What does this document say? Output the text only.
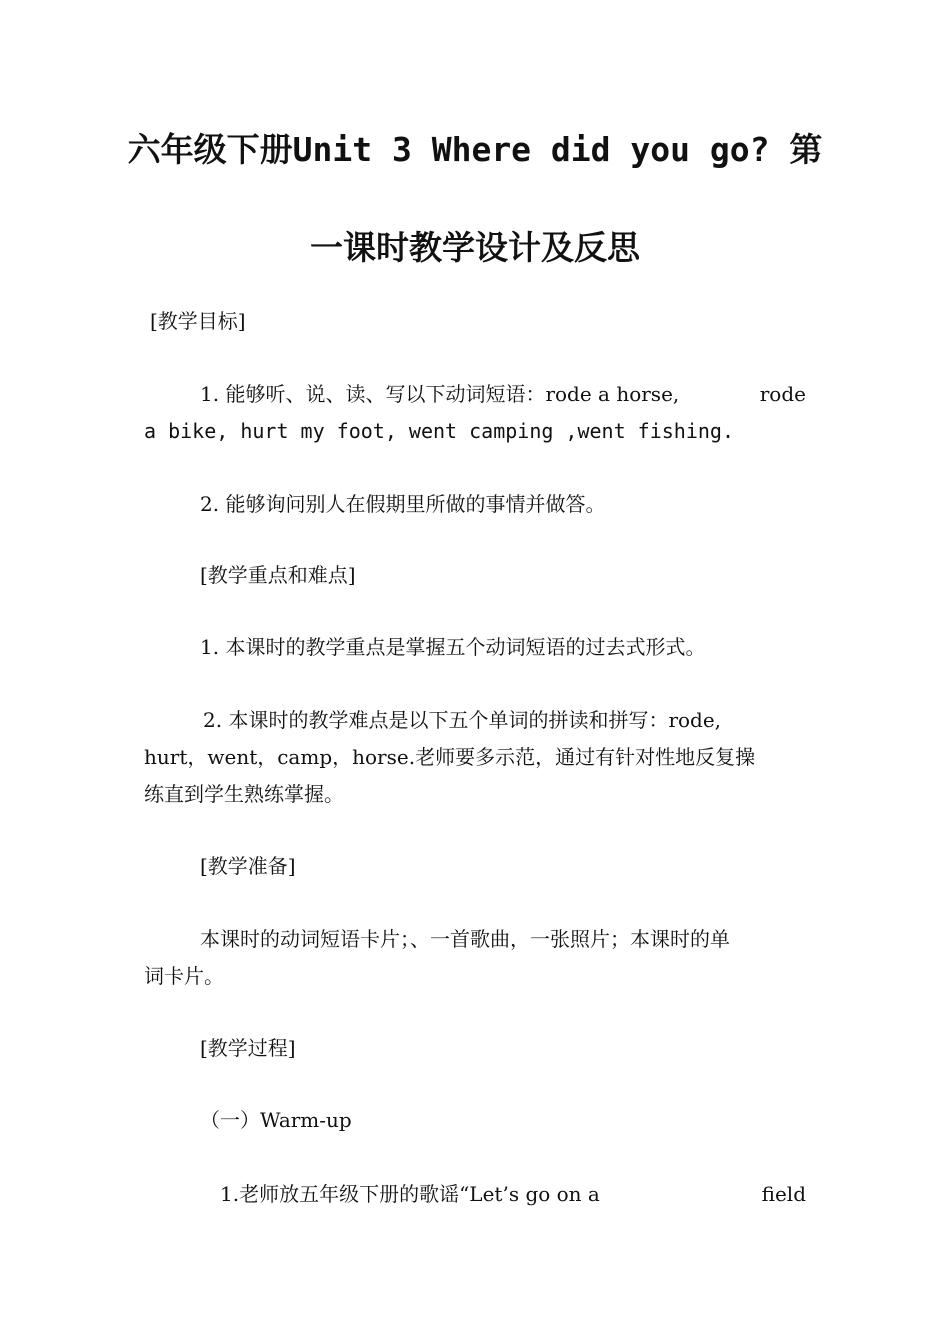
六年级下册Unit 3 Where did you go? 第
一课时教学设计及反思
[教学目标]
1. 能够听、说、读、写以下动词短语：rode a horse,	rode
a bike, hurt my foot, went camping ,went fishing.
2. 能够询问别人在假期里所做的事情并做答。
[教学重点和难点]
1. 本课时的教学重点是掌握五个动词短语的过去式形式。
2. 本课时的教学难点是以下五个单词的拼读和拼写：rode,
hurt，went，camp，horse.老师要多示范，通过有针对性地反复操
练直到学生熟练掌握。
[教学准备]
本课时的动词短语卡片；、一首歌曲，一张照片；本课时的单
词卡片。
[教学过程]
（一）Warm-up
1.老师放五年级下册的歌谣“Let’s go on a	field
